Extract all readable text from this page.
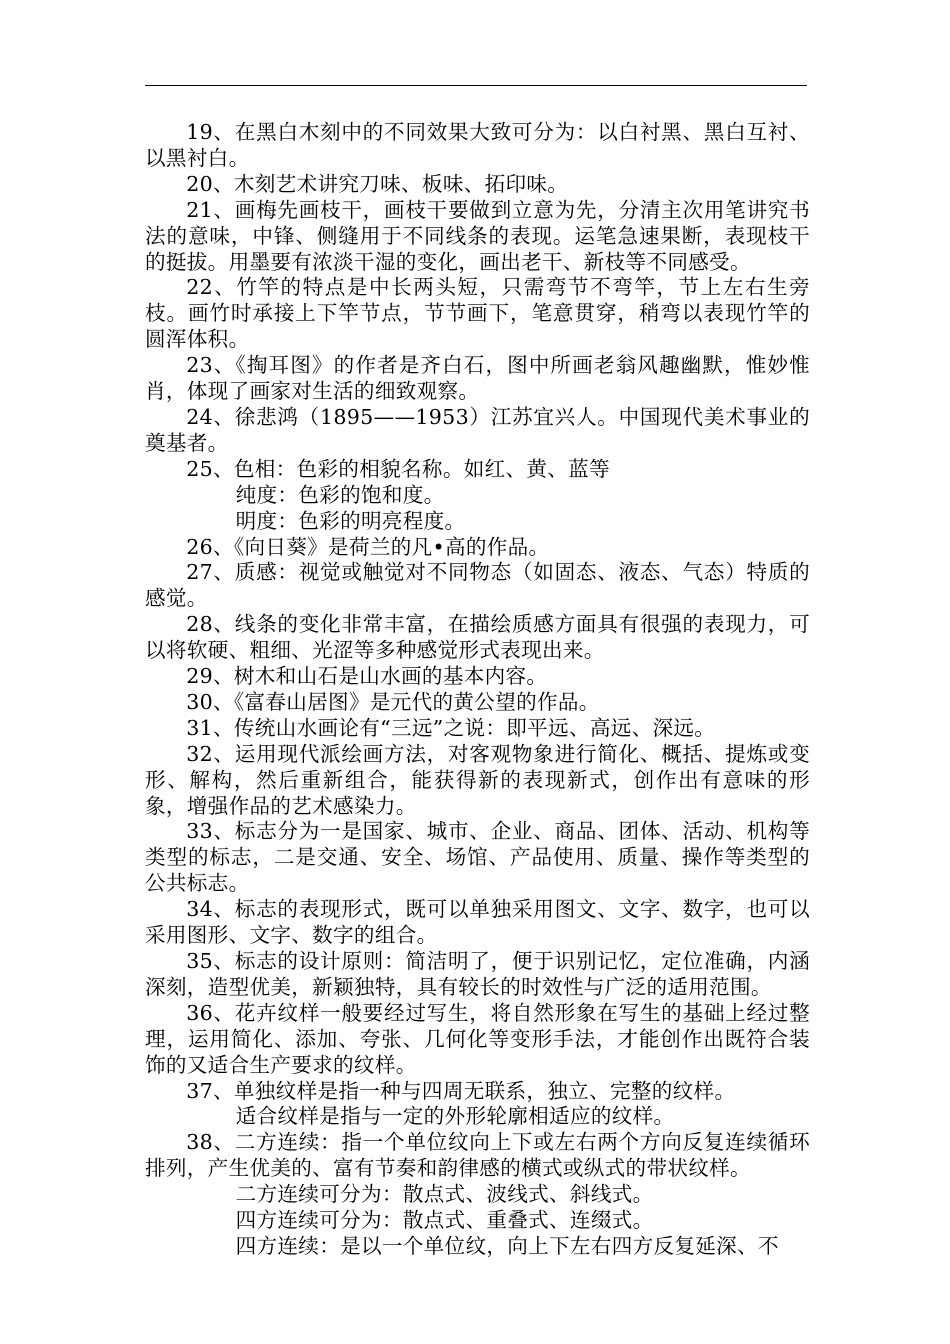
19、在黑白木刻中的不同效果大致可分为：以白衬黑、黑白互衬、以黑衬白。

20、木刻艺术讲究刀味、板味、拓印味。

21、画梅先画枝干，画枝干要做到立意为先，分清主次用笔讲究书法的意味，中锋、侧缝用于不同线条的表现。运笔急速果断，表现枝干的挺拔。用墨要有浓淡干湿的变化，画出老干、新枝等不同感受。

22、竹竿的特点是中长两头短，只需弯节不弯竿，节上左右生旁枝。画竹时承接上下竿节点，节节画下，笔意贯穿，稍弯以表现竹竿的圆浑体积。

23、《掏耳图》的作者是齐白石，图中所画老翁风趣幽默，惟妙惟肖，体现了画家对生活的细致观察。

24、徐悲鸿（1895——1953）江苏宜兴人。中国现代美术事业的奠基者。

25、色相：色彩的相貌名称。如红、黄、蓝等

纯度：色彩的饱和度。

明度：色彩的明亮程度。

26、《向日葵》是荷兰的凡•高的作品。

27、质感：视觉或触觉对不同物态（如固态、液态、气态）特质的感觉。

28、线条的变化非常丰富，在描绘质感方面具有很强的表现力，可以将软硬、粗细、光涩等多种感觉形式表现出来。

29、树木和山石是山水画的基本内容。

30、《富春山居图》是元代的黄公望的作品。

31、传统山水画论有“三远”之说：即平远、高远、深远。

32、运用现代派绘画方法，对客观物象进行简化、概括、提炼或变形、解构，然后重新组合，能获得新的表现新式，创作出有意味的形象，增强作品的艺术感染力。

33、标志分为一是国家、城市、企业、商品、团体、活动、机构等类型的标志，二是交通、安全、场馆、产品使用、质量、操作等类型的公共标志。

34、标志的表现形式，既可以单独采用图文、文字、数字，也可以采用图形、文字、数字的组合。

35、标志的设计原则：简洁明了，便于识别记忆，定位准确，内涵深刻，造型优美，新颖独特，具有较长的时效性与广泛的适用范围。

36、花卉纹样一般要经过写生，将自然形象在写生的基础上经过整理，运用简化、添加、夸张、几何化等变形手法，才能创作出既符合装饰的又适合生产要求的纹样。

37、单独纹样是指一种与四周无联系，独立、完整的纹样。

适合纹样是指与一定的外形轮廓相适应的纹样。

38、二方连续：指一个单位纹向上下或左右两个方向反复连续循环排列，产生优美的、富有节奏和韵律感的横式或纵式的带状纹样。

二方连续可分为：散点式、波线式、斜线式。

四方连续可分为：散点式、重叠式、连缀式。

四方连续：是以一个单位纹，向上下左右四方反复延深、不
